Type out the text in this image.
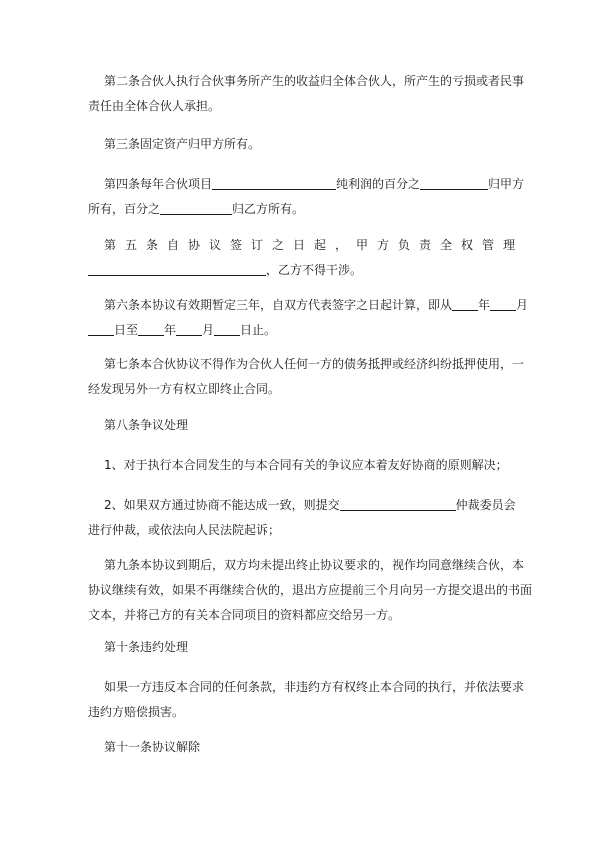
第二条合伙人执行合伙事务所产生的收益归全体合伙人，所产生的亏损或者民事
责任由全体合伙人承担。
第三条固定资产归甲方所有。
第四条每年合伙项目	纯利润的百分之	归甲方
所有，百分之	归乙方所有。
第五条自协议签订之日起，甲方负责全权管理
，乙方不得干涉。
第六条本协议有效期暂定三年，自双方代表签字之日起计算，即从 年 月
日至 年 月 日止。
第七条本合伙协议不得作为合伙人任何一方的债务抵押或经济纠纷抵押使用，一
经发现另外一方有权立即终止合同。
第八条争议处理
1、对于执行本合同发生的与本合同有关的争议应本着友好协商的原则解决；
2、如果双方通过协商不能达成一致，则提交	仲裁委员会
进行仲裁，或依法向人民法院起诉；
第九条本协议到期后，双方均未提出终止协议要求的，视作均同意继续合伙，本
协议继续有效，如果不再继续合伙的，退出方应提前三个月向另一方提交退出的书面
文本，并将己方的有关本合同项目的资料都应交给另一方。
第十条违约处理
如果一方违反本合同的任何条款，非违约方有权终止本合同的执行，并依法要求
违约方赔偿损害。
第十一条协议解除
